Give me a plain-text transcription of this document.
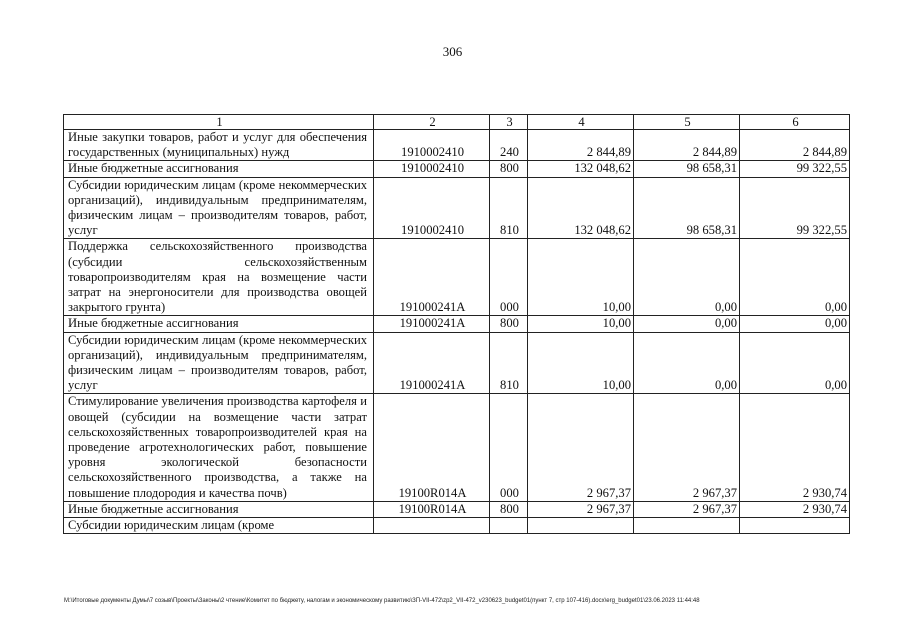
306
1	2	3	4	5	6
Иные закупки товаров, работ и услуг для обеспечения государственных (муниципальных) нужд	1910002410	240	2 844,89	2 844,89	2 844,89
Иные бюджетные ассигнования	1910002410	800	132 048,62	98 658,31	99 322,55
Субсидии юридическим лицам (кроме некоммерческих организаций), индивидуальным предпринимателям, физическим лицам – производителям товаров, работ, услуг	1910002410	810	132 048,62	98 658,31	99 322,55
Поддержка сельскохозяйственного производства (субсидии сельскохозяйственным товаропроизводителям края на возмещение части затрат на энергоносители для производства овощей закрытого грунта)	191000241А	000	10,00	0,00	0,00
Иные бюджетные ассигнования	191000241А	800	10,00	0,00	0,00
Субсидии юридическим лицам (кроме некоммерческих организаций), индивидуальным предпринимателям, физическим лицам – производителям товаров, работ, услуг	191000241А	810	10,00	0,00	0,00
Стимулирование увеличения производства картофеля и овощей (субсидии на возмещение части затрат сельскохозяйственных товаропроизводителей края на проведение агротехнологических работ, повышение уровня экологической безопасности сельскохозяйственного производства, а также на повышение плодородия и качества почв)	19100R014А	000	2 967,37	2 967,37	2 930,74
Иные бюджетные ассигнования	19100R014А	800	2 967,37	2 967,37	2 930,74
Субсидии юридическим лицам (кроме					
M:\Итоговые документы Думы\7 созыв\Проекты\Законы\2 чтение\Комитет по бюджету, налогам и экономическому развитию\ЗП-VII-472\zp2_VII-472_v230623_budget01(пункт 7, стр 107-416).docx\erg_budget01\23.06.2023 11:44:48
